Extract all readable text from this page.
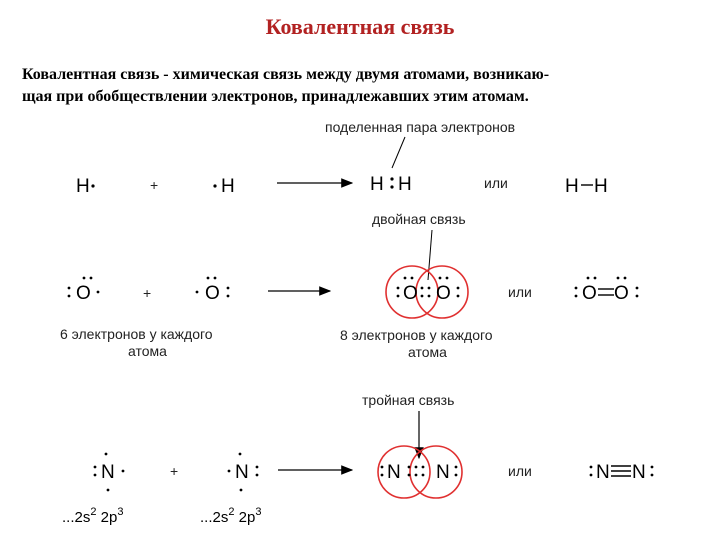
Ковалентная связь
Ковалентная связь - химическая связь между двумя атомами, возникаю-
щая при обобществлении электронов, принадлежавших этим атомам.
поделенная пара электронов
H	+	H	H H	или	H H
двойная связь
O	+	O	O O	или	O O
6 электронов у каждого
атома
8 электронов у каждого
атома
тройная связь
N	+	N	N N	или	N N
$...2s^2$ $2p^3$	$...2s^2$ $2p^3$
